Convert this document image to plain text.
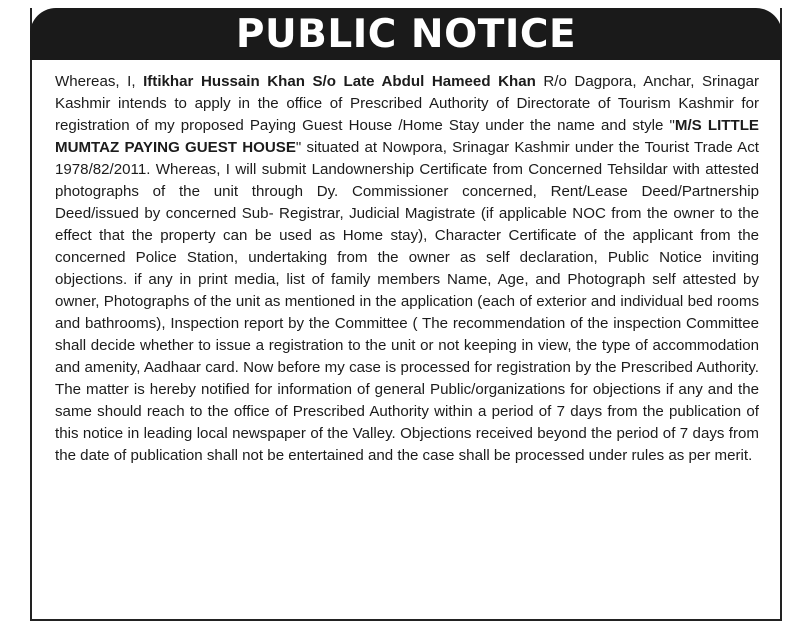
PUBLIC NOTICE

Whereas, I, Iftikhar Hussain Khan S/o Late Abdul Hameed Khan R/o Dagpora, Anchar, Srinagar Kashmir intends to apply in the office of Prescribed Authority of Directorate of Tourism Kashmir for registration of my proposed Paying Guest House /Home Stay under the name and style "M/S LITTLE MUMTAZ PAYING GUEST HOUSE" situated at Nowpora, Srinagar Kashmir under the Tourist Trade Act 1978/82/2011. Whereas, I will submit Landownership Certificate from Concerned Tehsildar with attested photographs of the unit through Dy. Commissioner concerned, Rent/Lease Deed/Partnership Deed/issued by concerned Sub- Registrar, Judicial Magistrate (if applicable NOC from the owner to the effect that the property can be used as Home stay), Character Certificate of the applicant from the concerned Police Station, undertaking from the owner as self declaration, Public Notice inviting objections. if any in print media, list of family members Name, Age, and Photograph self attested by owner, Photographs of the unit as mentioned in the application (each of exterior and individual bed rooms and bathrooms), Inspection report by the Committee ( The recommendation of the inspection Committee shall decide whether to issue a registration to the unit or not keeping in view, the type of accommodation and amenity, Aadhaar card. Now before my case is processed for registration by the Prescribed Authority. The matter is hereby notified for information of general Public/organizations for objections if any and the same should reach to the office of Prescribed Authority within a period of 7 days from the publication of this notice in leading local newspaper of the Valley. Objections received beyond the period of 7 days from the date of publication shall not be entertained and the case shall be processed under rules as per merit.
